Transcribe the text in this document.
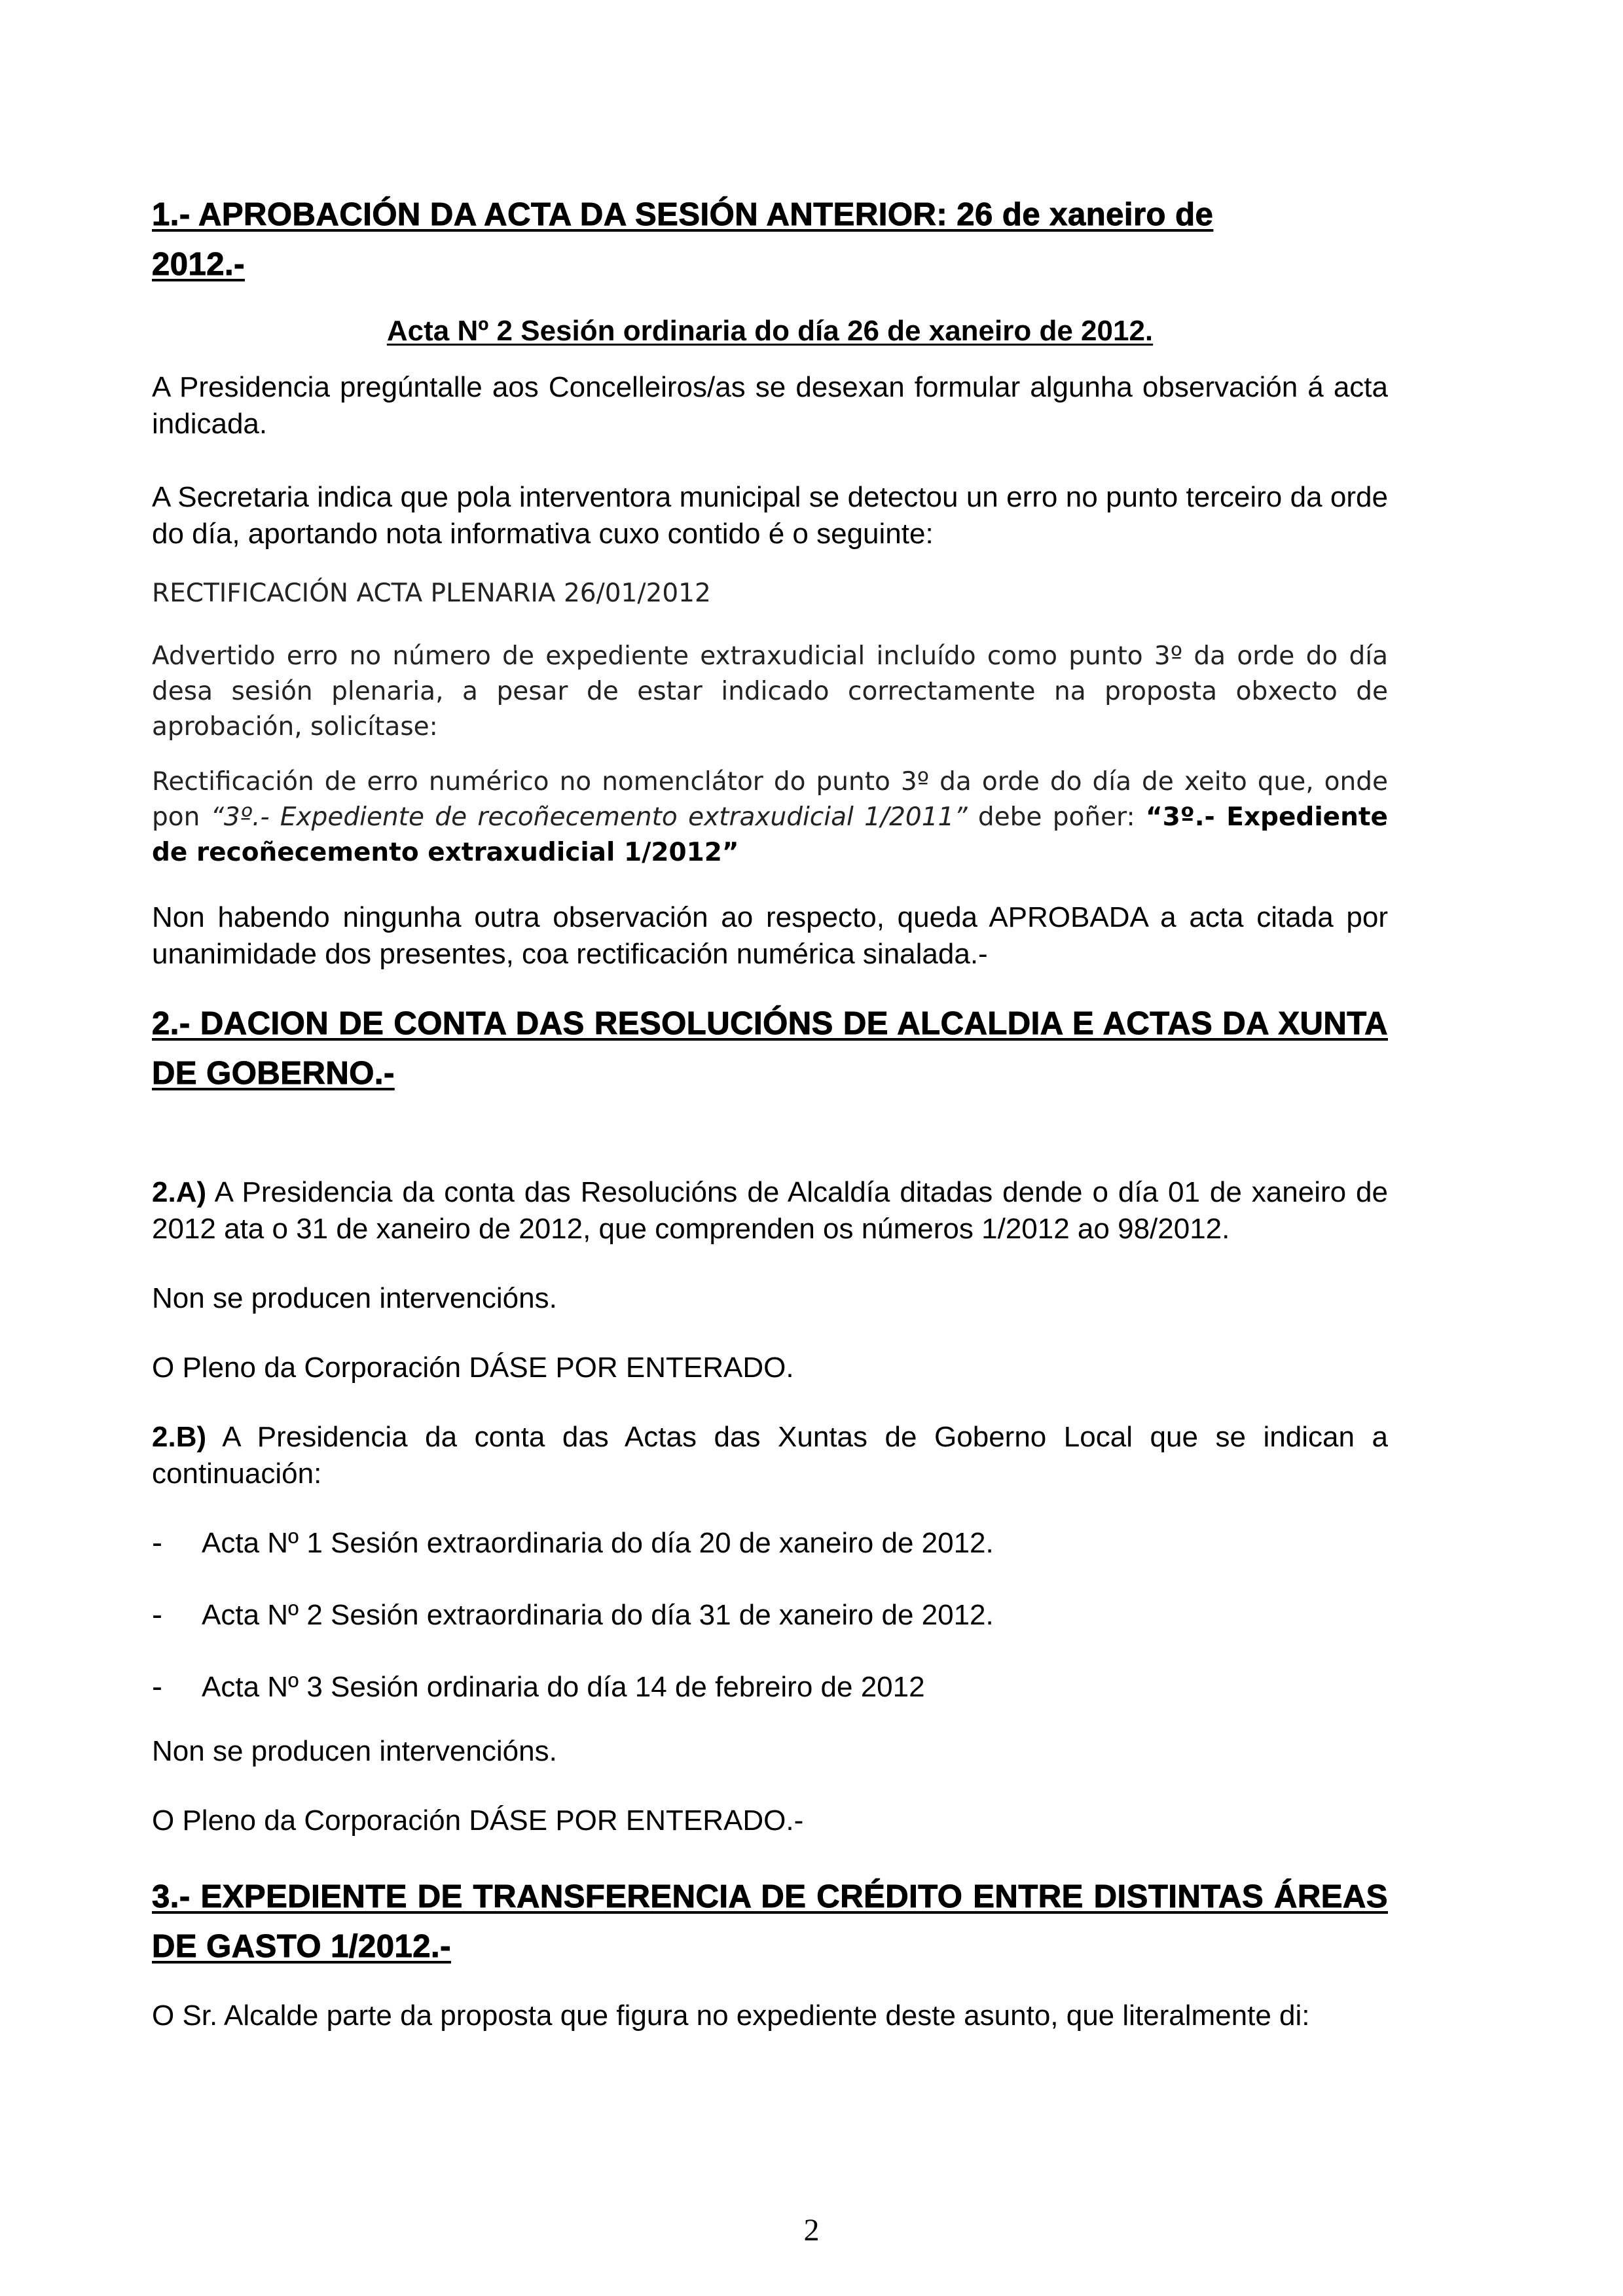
1.- APROBACIÓN DA ACTA DA SESIÓN ANTERIOR: 26 de xaneiro de
2012.-

Acta Nº 2 Sesión ordinaria do día 26 de xaneiro de 2012.

A Presidencia pregúntalle aos Concelleiros/as se desexan formular algunha observación á acta indicada.

A Secretaria indica que pola interventora municipal se detectou un erro no punto terceiro da orde do día, aportando nota informativa cuxo contido é o seguinte:

RECTIFICACIÓN ACTA PLENARIA 26/01/2012

Advertido erro no número de expediente extraxudicial incluído como punto 3º da orde do día desa sesión plenaria, a pesar de estar indicado correctamente na proposta obxecto de aprobación, solicítase:

Rectificación de erro numérico no nomenclátor do punto 3º da orde do día de xeito que, onde pon “3º.- Expediente de recoñecemento extraxudicial 1/2011” debe poñer: “3º.- Expediente de recoñecemento extraxudicial 1/2012”

Non habendo ningunha outra observación ao respecto, queda APROBADA a acta citada por unanimidade dos presentes, coa rectificación numérica sinalada.-

2.- DACION DE CONTA DAS RESOLUCIÓNS DE ALCALDIA E ACTAS DA XUNTA DE GOBERNO.-

2.A) A Presidencia da conta das Resolucións de Alcaldía ditadas dende o día 01 de xaneiro de 2012 ata o 31 de xaneiro de 2012, que comprenden os números 1/2012 ao 98/2012.

Non se producen intervencións.

O Pleno da Corporación DÁSE POR ENTERADO.

2.B) A Presidencia da conta das Actas das Xuntas de Goberno Local que se indican a continuación:

-	Acta Nº 1 Sesión extraordinaria do día 20 de xaneiro de 2012.
-	Acta Nº 2 Sesión extraordinaria do día 31 de xaneiro de 2012.
-	Acta Nº 3 Sesión ordinaria do día 14 de febreiro de 2012

Non se producen intervencións.

O Pleno da Corporación DÁSE POR ENTERADO.-

3.- EXPEDIENTE DE TRANSFERENCIA DE CRÉDITO ENTRE DISTINTAS ÁREAS DE GASTO 1/2012.-

O Sr. Alcalde parte da proposta que figura no expediente deste asunto, que literalmente di:

2
